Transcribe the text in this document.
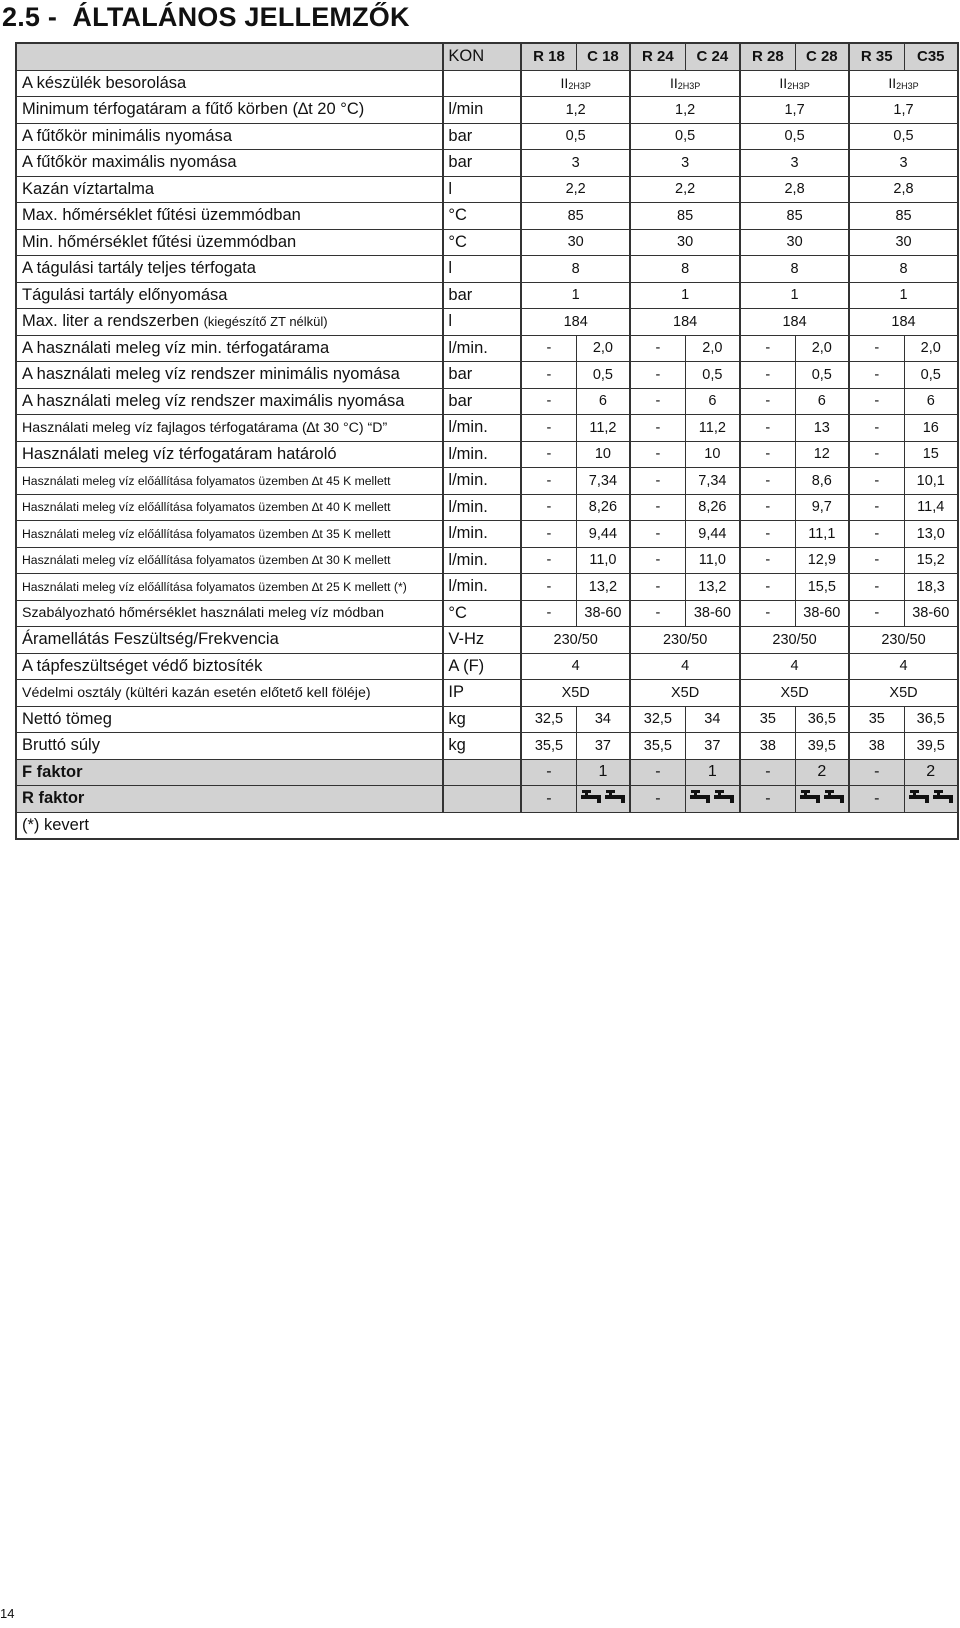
2.5 -  ÁLTALÁNOS JELLEMZŐK
	KON	R 18	C 18	R 24	C 24	R 28	C 28	R 35	C35
A készülék besorolása		$II_{2H3P}$		$II_{2H3P}$		$II_{2H3P}$		$II_{2H3P}$
Minimum térfogatáram a fűtő körben (∆t 20 °C)	l/min	1,2		1,2		1,7		1,7	
A fűtőkör minimális nyomása	bar	0,5		0,5		0,5		0,5	
A fűtőkör maximális nyomása	bar	3		3		3		3	
Kazán víztartalma	l	2,2		2,2		2,8		2,8	
Max. hőmérséklet fűtési üzemmódban	°C	85		85		85		85	
Min. hőmérséklet fűtési üzemmódban	°C	30		30		30		30	
A tágulási tartály teljes térfogata	l	8		8		8		8	
Tágulási tartály előnyomása	bar	1		1		1		1	
Max. liter a rendszerben (kiegészítő ZT nélkül)	l	184		184		184		184	
A használati meleg víz min. térfogatárama	l/min.	-	2,0	-	2,0	-	2,0	-	2,0
A használati meleg víz rendszer minimális nyomása	bar	-	0,5	-	0,5	-	0,5	-	0,5
A használati meleg víz rendszer maximális nyomása	bar	-	6	-	6	-	6	-	6
Használati meleg víz fajlagos térfogatárama (∆t 30 °C) “D”	l/min.	-	11,2	-	11,2	-	13	-	16
Használati meleg víz térfogatáram határoló	l/min.	-	10	-	10	-	12	-	15
Használati meleg víz előállítása folyamatos üzemben ∆t 45 K mellett	l/min.	-	7,34	-	7,34	-	8,6	-	10,1
Használati meleg víz előállítása folyamatos üzemben ∆t 40 K mellett	l/min.	-	8,26	-	8,26	-	9,7	-	11,4
Használati meleg víz előállítása folyamatos üzemben ∆t 35 K mellett	l/min.	-	9,44	-	9,44	-	11,1	-	13,0
Használati meleg víz előállítása folyamatos üzemben ∆t 30 K mellett	l/min.	-	11,0	-	11,0	-	12,9	-	15,2
Használati meleg víz előállítása folyamatos üzemben ∆t 25 K mellett (*)	l/min.	-	13,2	-	13,2	-	15,5	-	18,3
Szabályozható hőmérséklet használati meleg víz módban	°C	-	38-60	-	38-60	-	38-60	-	38-60
Áramellátás Feszültség/Frekvencia	V-Hz	230/50		230/50		230/50		230/50	
A tápfeszültséget védő biztosíték	A (F)	4		4		4		4	
Védelmi osztály (kültéri kazán esetén előtető kell föléje)	IP	X5D		X5D		X5D		X5D	
Nettó tömeg	kg	32,5	34	32,5	34	35	36,5	35	36,5
Bruttó súly	kg	35,5	37	35,5	37	38	39,5	38	39,5
F faktor		-	1	-	1	-	2	-	2
R faktor		-		-		-		-	
(*) kevert									
14
